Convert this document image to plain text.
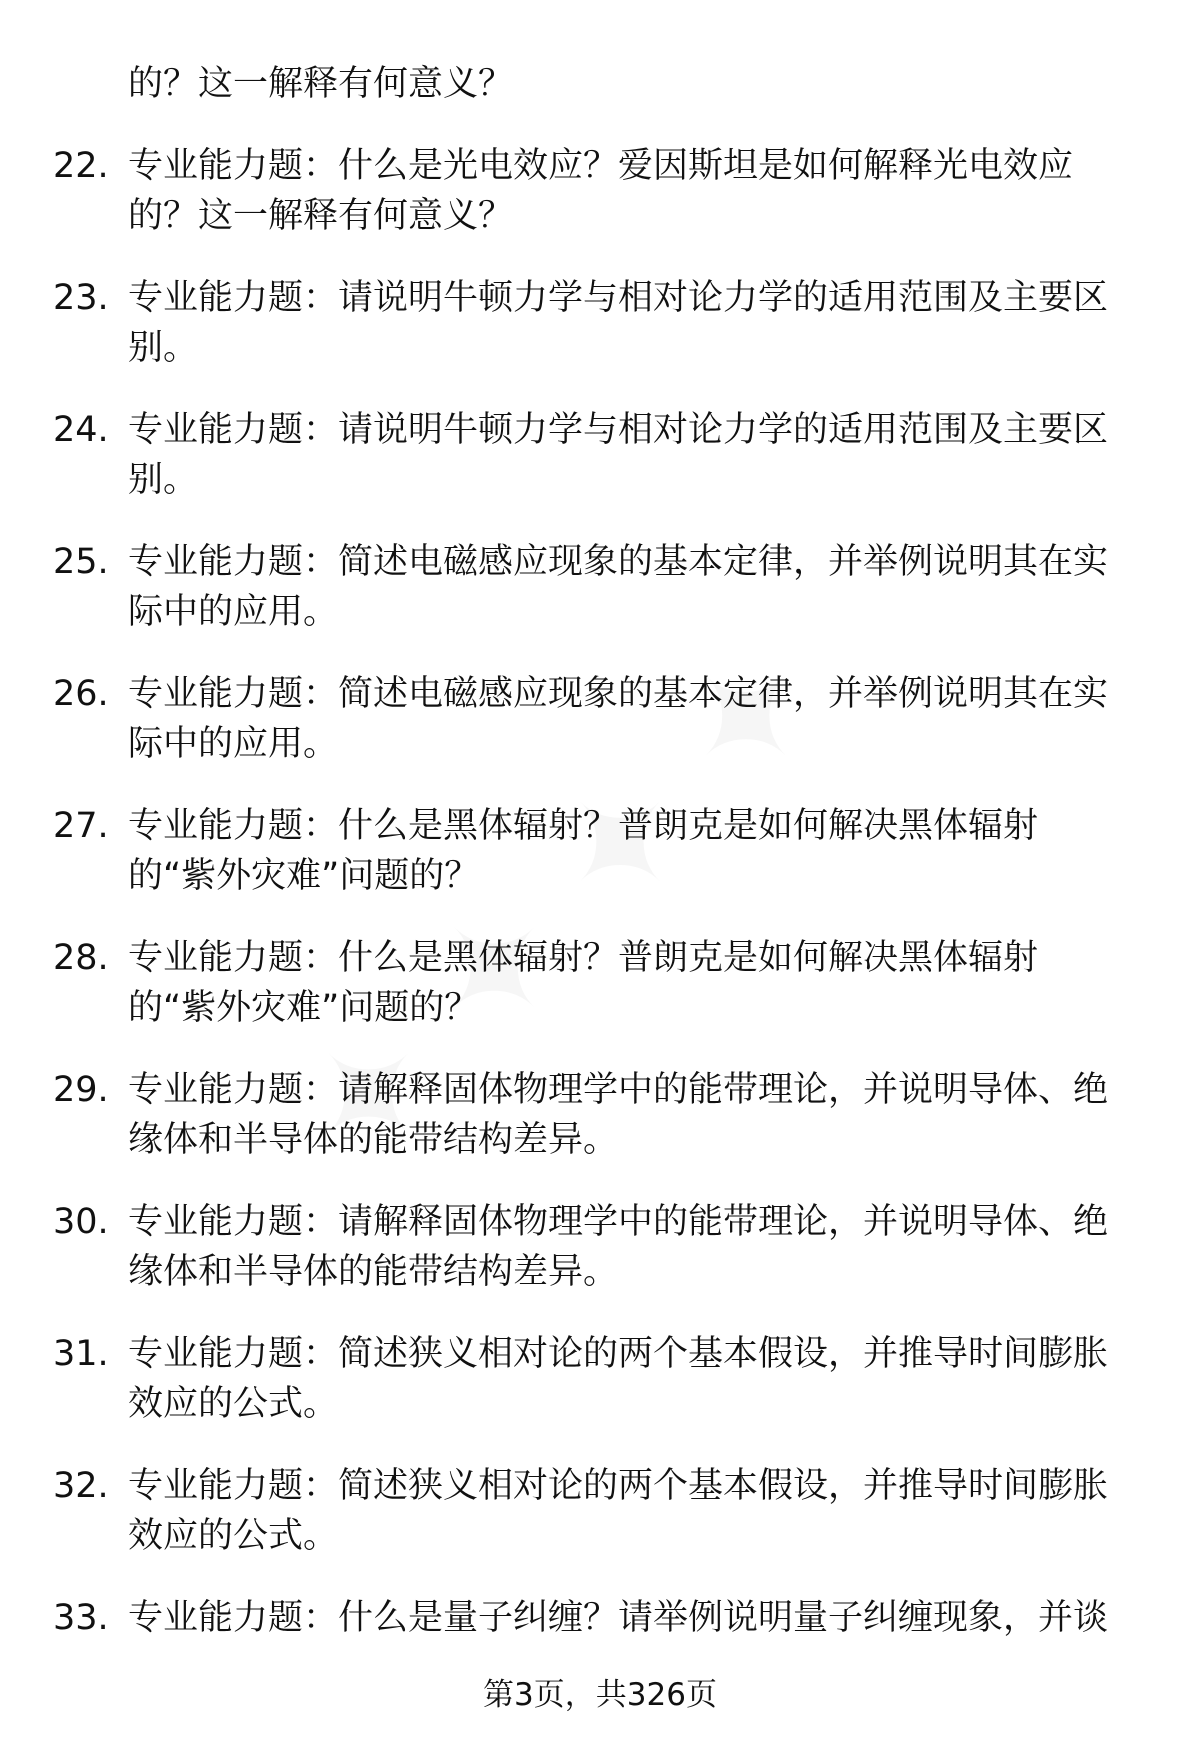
的？这一解释有何意义？
22. 专业能力题：什么是光电效应？爱因斯坦是如何解释光电效应
的？这一解释有何意义？
23. 专业能力题：请说明牛顿力学与相对论力学的适用范围及主要区
别。
24. 专业能力题：请说明牛顿力学与相对论力学的适用范围及主要区
别。
25. 专业能力题：简述电磁感应现象的基本定律，并举例说明其在实
际中的应用。
26. 专业能力题：简述电磁感应现象的基本定律，并举例说明其在实
际中的应用。
27. 专业能力题：什么是黑体辐射？普朗克是如何解决黑体辐射
的“紫外灾难”问题的？
28. 专业能力题：什么是黑体辐射？普朗克是如何解决黑体辐射
的“紫外灾难”问题的？
29. 专业能力题：请解释固体物理学中的能带理论，并说明导体、绝
缘体和半导体的能带结构差异。
30. 专业能力题：请解释固体物理学中的能带理论，并说明导体、绝
缘体和半导体的能带结构差异。
31. 专业能力题：简述狭义相对论的两个基本假设，并推导时间膨胀
效应的公式。
32. 专业能力题：简述狭义相对论的两个基本假设，并推导时间膨胀
效应的公式。
33. 专业能力题：什么是量子纠缠？请举例说明量子纠缠现象，并谈
第3页，共326页
